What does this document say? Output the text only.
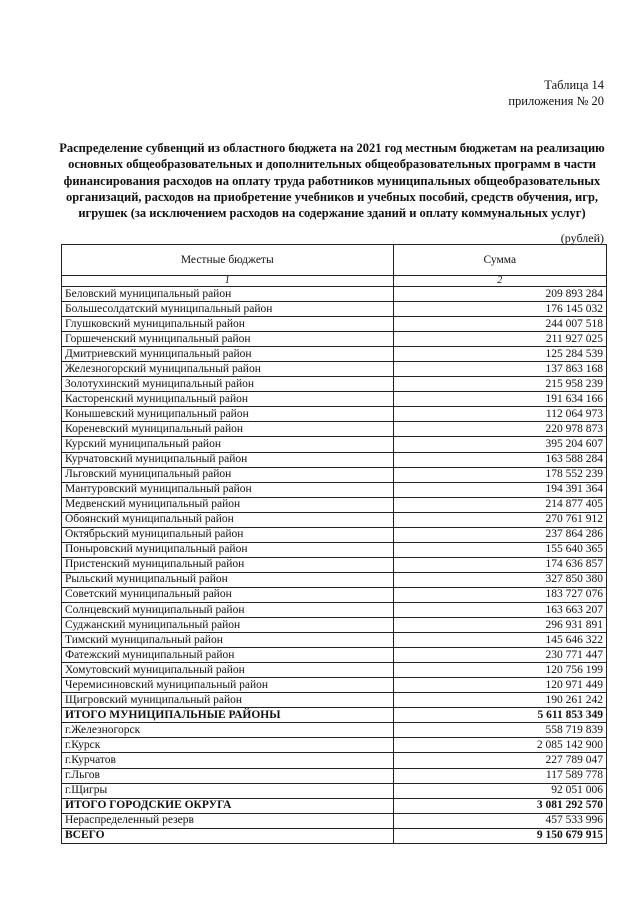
Таблица 14
приложения № 20
Распределение субвенций из областного бюджета на 2021 год местным бюджетам на реализацию основных общеобразовательных и дополнительных общеобразовательных программ в части финансирования расходов на оплату труда работников муниципальных общеобразовательных организаций, расходов на приобретение учебников и учебных пособий, средств обучения, игр, игрушек (за исключением расходов на содержание зданий и оплату коммунальных услуг)
(рублей)
Местные бюджеты	Сумма
1	2
Беловский муниципальный район	209 893 284
Большесолдатский муниципальный район	176 145 032
Глушковский муниципальный район	244 007 518
Горшеченский муниципальный район	211 927 025
Дмитриевский муниципальный район	125 284 539
Железногорский муниципальный район	137 863 168
Золотухинский муниципальный район	215 958 239
Касторенский муниципальный район	191 634 166
Конышевский муниципальный район	112 064 973
Кореневский муниципальный район	220 978 873
Курский муниципальный район	395 204 607
Курчатовский муниципальный район	163 588 284
Льговский муниципальный район	178 552 239
Мантуровский муниципальный район	194 391 364
Медвенский муниципальный район	214 877 405
Обоянский муниципальный район	270 761 912
Октябрьский муниципальный район	237 864 286
Поныровский муниципальный район	155 640 365
Пристенский муниципальный район	174 636 857
Рыльский муниципальный район	327 850 380
Советский муниципальный район	183 727 076
Солнцевский муниципальный район	163 663 207
Суджанский муниципальный район	296 931 891
Тимский муниципальный район	145 646 322
Фатежский муниципальный район	230 771 447
Хомутовский муниципальный район	120 756 199
Черемисиновский муниципальный район	120 971 449
Щигровский муниципальный район	190 261 242
ИТОГО МУНИЦИПАЛЬНЫЕ РАЙОНЫ	5 611 853 349
г.Железногорск	558 719 839
г.Курск	2 085 142 900
г.Курчатов	227 789 047
г.Льгов	117 589 778
г.Щигры	92 051 006
ИТОГО ГОРОДСКИЕ ОКРУГА	3 081 292 570
Нераспределенный резерв	457 533 996
ВСЕГО	9 150 679 915
